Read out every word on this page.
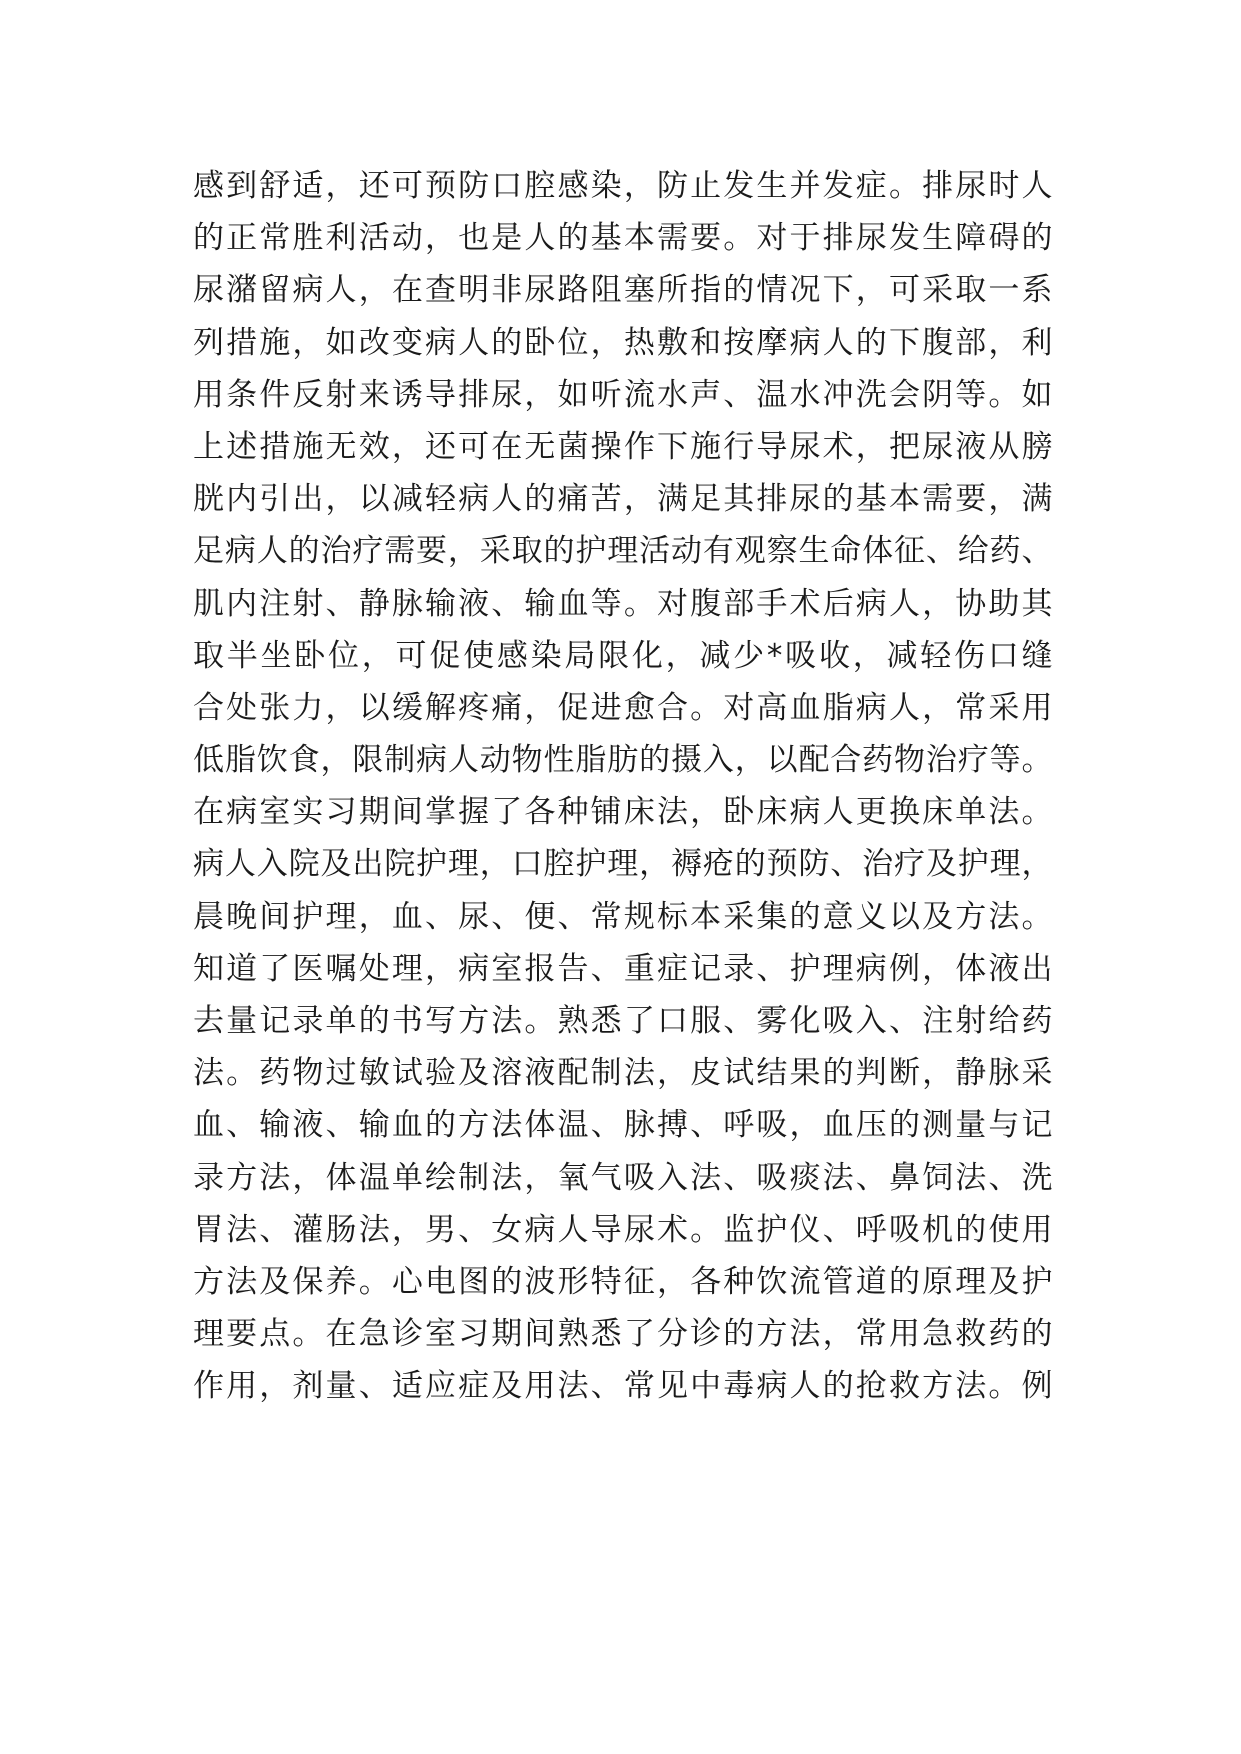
感到舒适，还可预防口腔感染，防止发生并发症。排尿时人
的正常胜利活动，也是人的基本需要。对于排尿发生障碍的
尿潴留病人，在查明非尿路阻塞所指的情况下，可采取一系
列措施，如改变病人的卧位，热敷和按摩病人的下腹部，利
用条件反射来诱导排尿，如听流水声、温水冲洗会阴等。如
上述措施无效，还可在无菌操作下施行导尿术，把尿液从膀
胱内引出，以减轻病人的痛苦，满足其排尿的基本需要，满
足病人的治疗需要，采取的护理活动有观察生命体征、给药、
肌内注射、静脉输液、输血等。对腹部手术后病人，协助其
取半坐卧位，可促使感染局限化，减少*吸收，减轻伤口缝
合处张力，以缓解疼痛，促进愈合。对高血脂病人，常采用
低脂饮食，限制病人动物性脂肪的摄入，以配合药物治疗等。
在病室实习期间掌握了各种铺床法，卧床病人更换床单法。
病人入院及出院护理，口腔护理，褥疮的预防、治疗及护理，
晨晚间护理，血、尿、便、常规标本采集的意义以及方法。
知道了医嘱处理，病室报告、重症记录、护理病例，体液出
去量记录单的书写方法。熟悉了口服、雾化吸入、注射给药
法。药物过敏试验及溶液配制法，皮试结果的判断，静脉采
血、输液、输血的方法体温、脉搏、呼吸，血压的测量与记
录方法，体温单绘制法，氧气吸入法、吸痰法、鼻饲法、洗
胃法、灌肠法，男、女病人导尿术。监护仪、呼吸机的使用
方法及保养。心电图的波形特征，各种饮流管道的原理及护
理要点。在急诊室习期间熟悉了分诊的方法，常用急救药的
作用，剂量、适应症及用法、常见中毒病人的抢救方法。例
